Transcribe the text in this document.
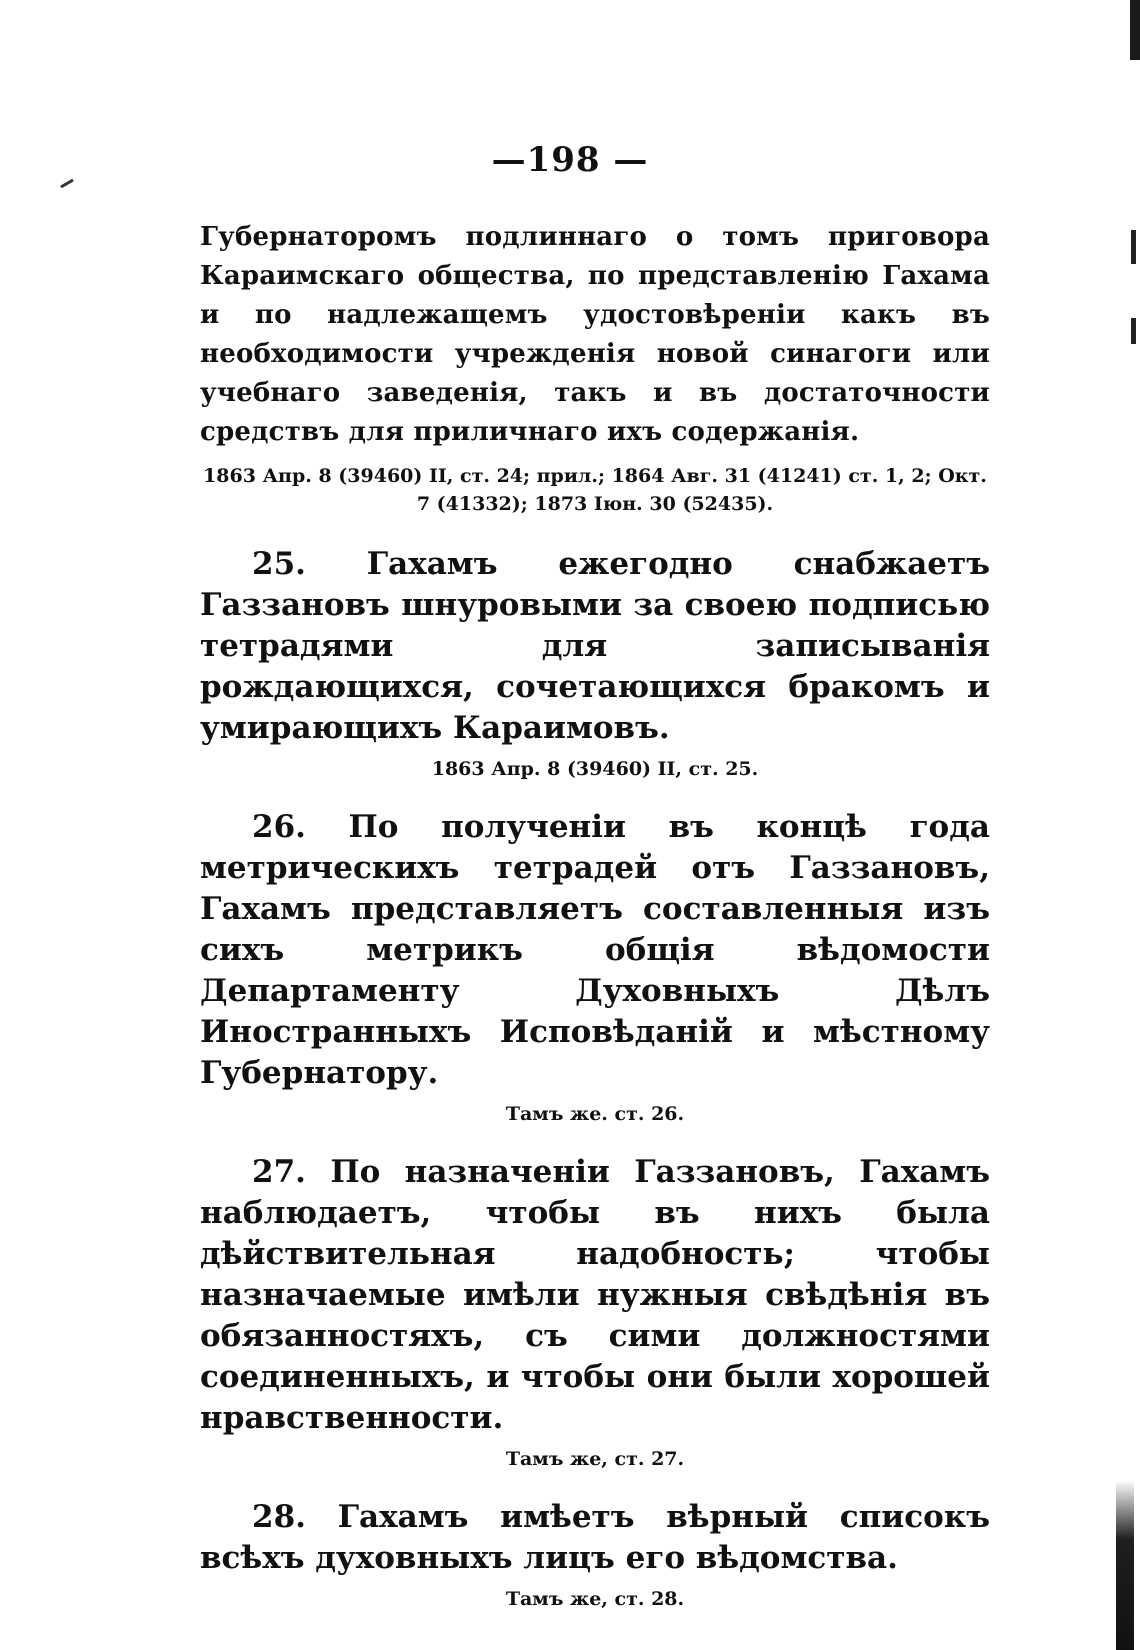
—198 —

Губернаторомъ подлиннаго о томъ приговора Караимскаго общества, по представленію Гахама и по надлежащемъ удостовѣреніи какъ въ необходимости учрежденія новой синагоги или учебнаго заведенія, такъ и въ достаточности средствъ для приличнаго ихъ содержанія.

1863 Апр. 8 (39460) II, ст. 24; прил.; 1864 Авг. 31 (41241) ст. 1, 2; Окт. 7 (41332); 1873 Іюн. 30 (52435).

25. Гахамъ ежегодно снабжаетъ Газзановъ шнуровыми за своею подписью тетрадями для записыванія рождающихся, сочетающихся бракомъ и умирающихъ Караимовъ.

1863 Апр. 8 (39460) II, ст. 25.

26. По полученіи въ концѣ года метрическихъ тетрадей отъ Газзановъ, Гахамъ представляетъ составленныя изъ сихъ метрикъ общія вѣдомости Департаменту Духовныхъ Дѣлъ Иностранныхъ Исповѣданій и мѣстному Губернатору.

Тамъ же. ст. 26.

27. По назначеніи Газзановъ, Гахамъ наблюдаетъ, чтобы въ нихъ была дѣйствительная надобность; чтобы назначаемые имѣли нужныя свѣдѣнія въ обязанностяхъ, съ сими должностями соединенныхъ, и чтобы они были хорошей нравственности.

Тамъ же, ст. 27.

28. Гахамъ имѣетъ вѣрный списокъ всѣхъ духовныхъ лицъ его вѣдомства.

Тамъ же, ст. 28.
